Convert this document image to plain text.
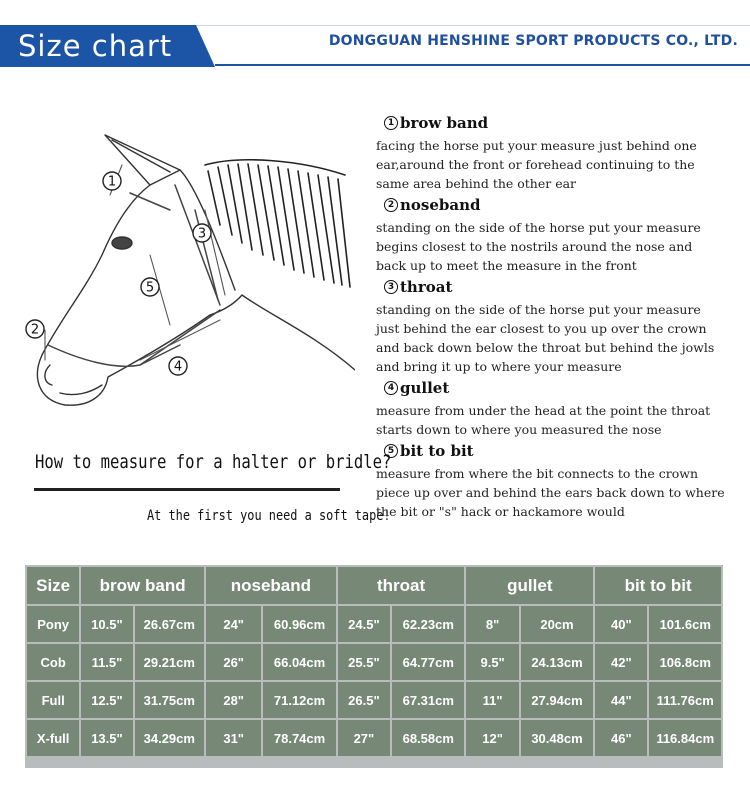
Size chart	DONGGUAN HENSHINE SPORT PRODUCTS CO., LTD.
1
2
3
4
5
How to measure for a halter or bridle?
At the first you need a soft tape!
1 brow band

facing the horse put your measure just behind one ear,around the front or forehead continuing to the same area behind the other ear

2 noseband

standing on the side of the horse put your measure begins closest to the nostrils around the nose and back up to meet the measure in the front

3 throat

standing on the side of the horse put your measure just behind the ear closest to you up over the crown and back down below the throat but behind the jowls and bring it up to where your measure

4 gullet

measure from under the head at the point the throat starts down to where you measured the nose

5 bit to bit

measure from where the bit connects to the crown piece up over and behind the ears back down to where the bit or "s" hack or hackamore would

Size	brow band		noseband		throat		gullet		bit to bit	
Pony	10.5"	26.67cm	24"	60.96cm	24.5"	62.23cm	8"	20cm	40"	101.6cm
Cob	11.5"	29.21cm	26"	66.04cm	25.5"	64.77cm	9.5"	24.13cm	42"	106.8cm
Full	12.5"	31.75cm	28"	71.12cm	26.5"	67.31cm	11"	27.94cm	44"	111.76cm
X-full	13.5"	34.29cm	31"	78.74cm	27"	68.58cm	12"	30.48cm	46"	116.84cm
